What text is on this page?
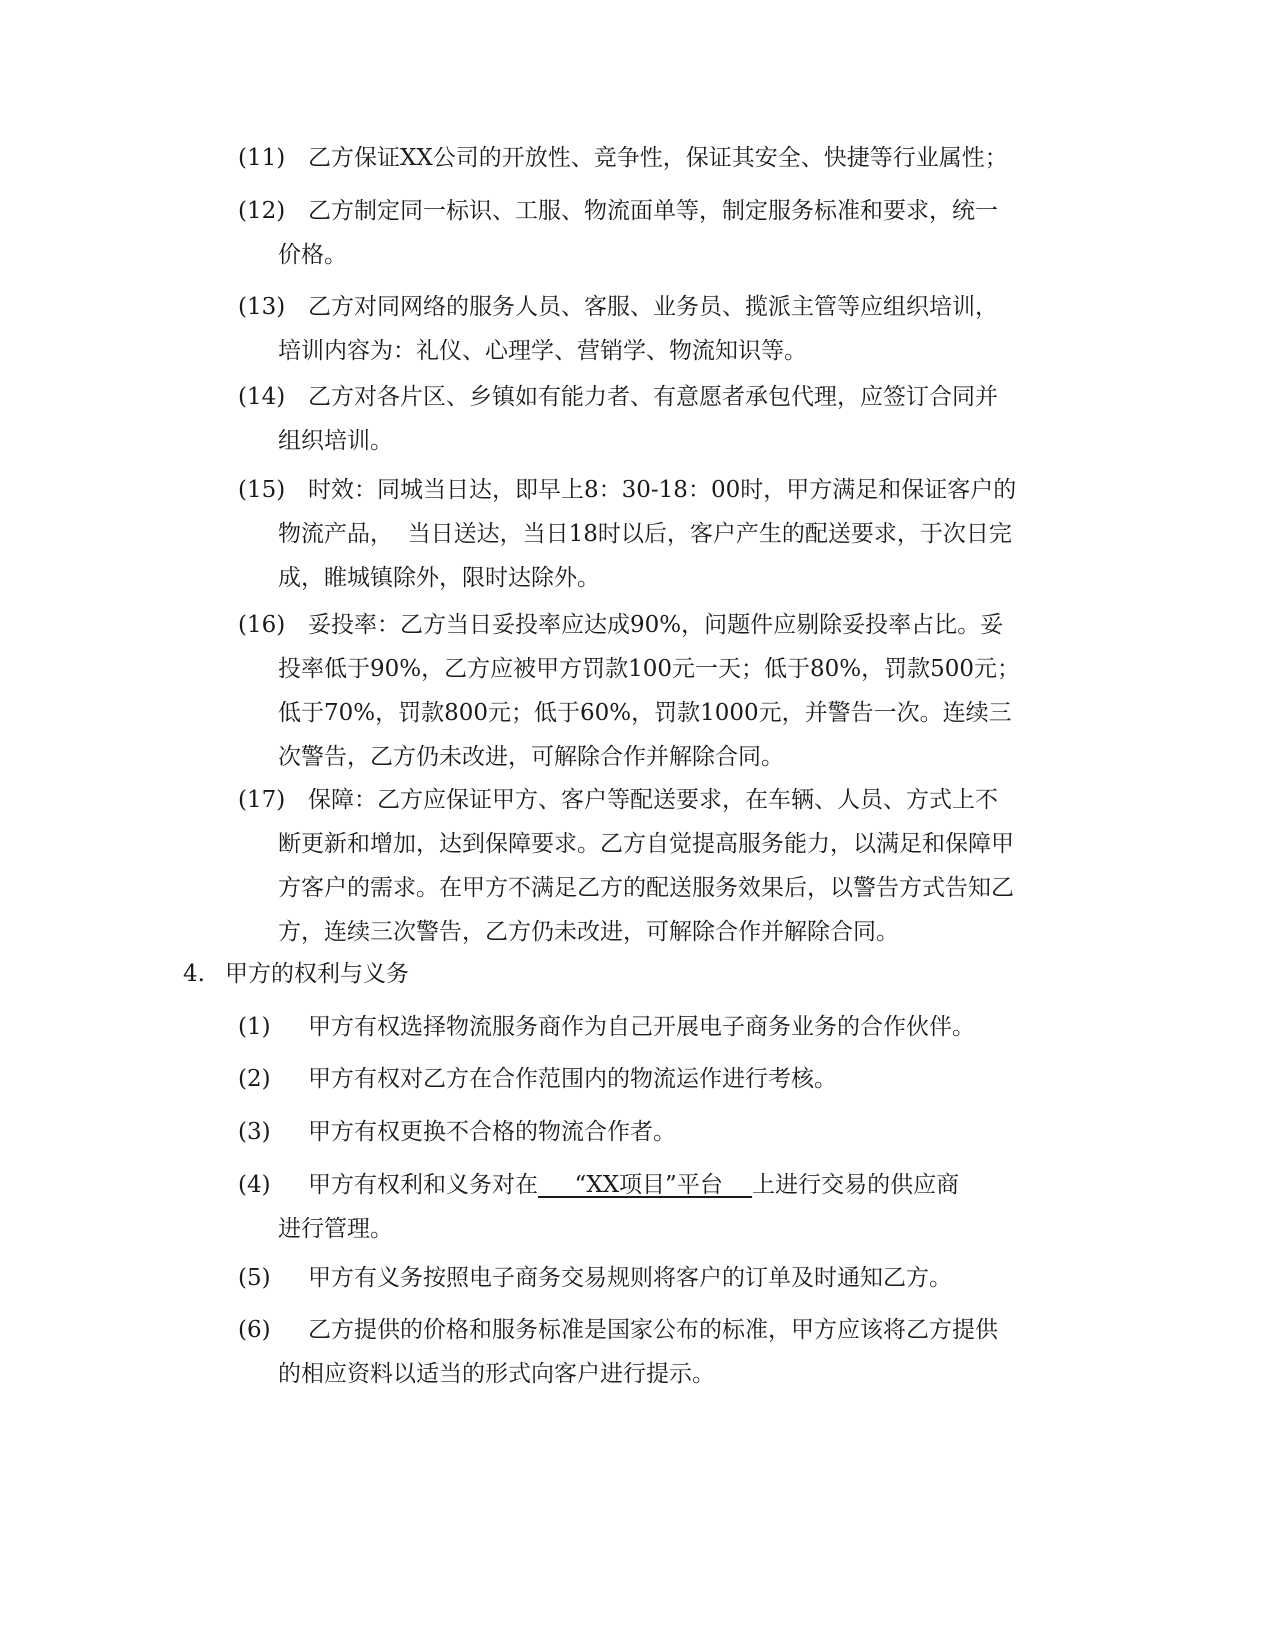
(11) 乙方保证XX公司的开放性、竞争性，保证其安全、快捷等行业属性；

(12) 乙方制定同一标识、工服、物流面单等，制定服务标准和要求，统一
价格。

(13) 乙方对同网络的服务人员、客服、业务员、揽派主管等应组织培训，
培训内容为：礼仪、心理学、营销学、物流知识等。

(14) 乙方对各片区、乡镇如有能力者、有意愿者承包代理，应签订合同并
组织培训。

(15) 时效：同城当日达，即早上8：30-18：00时，甲方满足和保证客户的
物流产品，  当日送达，当日18时以后，客户产生的配送要求，于次日完
成，睢城镇除外，限时达除外。

(16) 妥投率：乙方当日妥投率应达成90%，问题件应剔除妥投率占比。妥
投率低于90%，乙方应被甲方罚款100元一天；低于80%，罚款500元；
低于70%，罚款800元；低于60%，罚款1000元，并警告一次。连续三
次警告，乙方仍未改进，可解除合作并解除合同。

(17) 保障：乙方应保证甲方、客户等配送要求，在车辆、人员、方式上不
断更新和增加，达到保障要求。乙方自觉提高服务能力，以满足和保障甲
方客户的需求。在甲方不满足乙方的配送服务效果后，以警告方式告知乙
方，连续三次警告，乙方仍未改进，可解除合作并解除合同。

4. 甲方的权利与义务

(1) 甲方有权选择物流服务商作为自己开展电子商务业务的合作伙伴。

(2) 甲方有权对乙方在合作范围内的物流运作进行考核。

(3) 甲方有权更换不合格的物流合作者。

(4) 甲方有权利和义务对在     “XX项目”平台    上进行交易的供应商
进行管理。

(5) 甲方有义务按照电子商务交易规则将客户的订单及时通知乙方。

(6) 乙方提供的价格和服务标准是国家公布的标准，甲方应该将乙方提供
的相应资料以适当的形式向客户进行提示。
